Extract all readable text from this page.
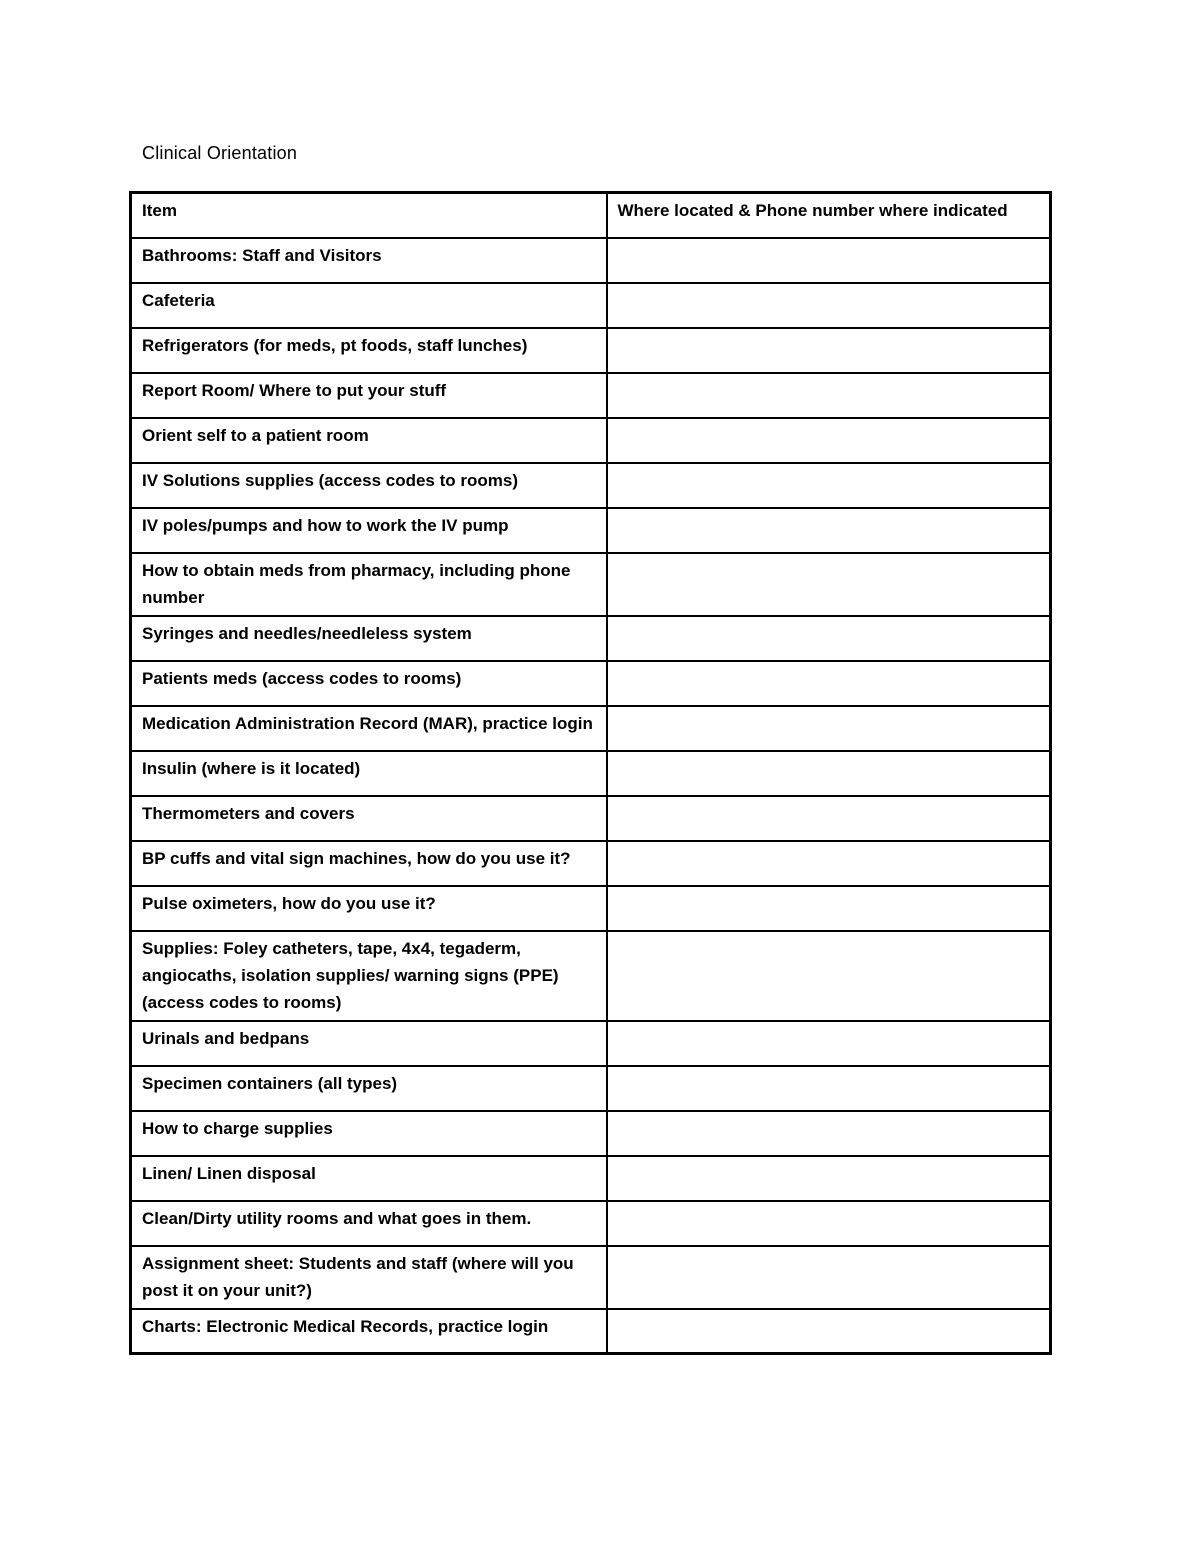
Clinical Orientation
Item	Where located & Phone number where indicated
Bathrooms: Staff and Visitors	
Cafeteria	
Refrigerators (for meds, pt foods, staff lunches)	
Report Room/ Where to put your stuff	
Orient self to a patient room	
IV Solutions supplies (access codes to rooms)	
IV poles/pumps and how to work the IV pump	
How to obtain meds from pharmacy, including phone number	
Syringes and needles/needleless system	
Patients meds (access codes to rooms)	
Medication Administration Record (MAR), practice login	
Insulin (where is it located)	
Thermometers and covers	
BP cuffs and vital sign machines, how do you use it?	
Pulse oximeters, how do you use it?	
Supplies: Foley catheters, tape, 4x4, tegaderm, angiocaths, isolation supplies/ warning signs (PPE) (access codes to rooms)	
Urinals and bedpans	
Specimen containers (all types)	
How to charge supplies	
Linen/ Linen disposal	
Clean/Dirty utility rooms and what goes in them.	
Assignment sheet: Students and staff (where will you post it on your unit?)	
Charts: Electronic Medical Records, practice login	
